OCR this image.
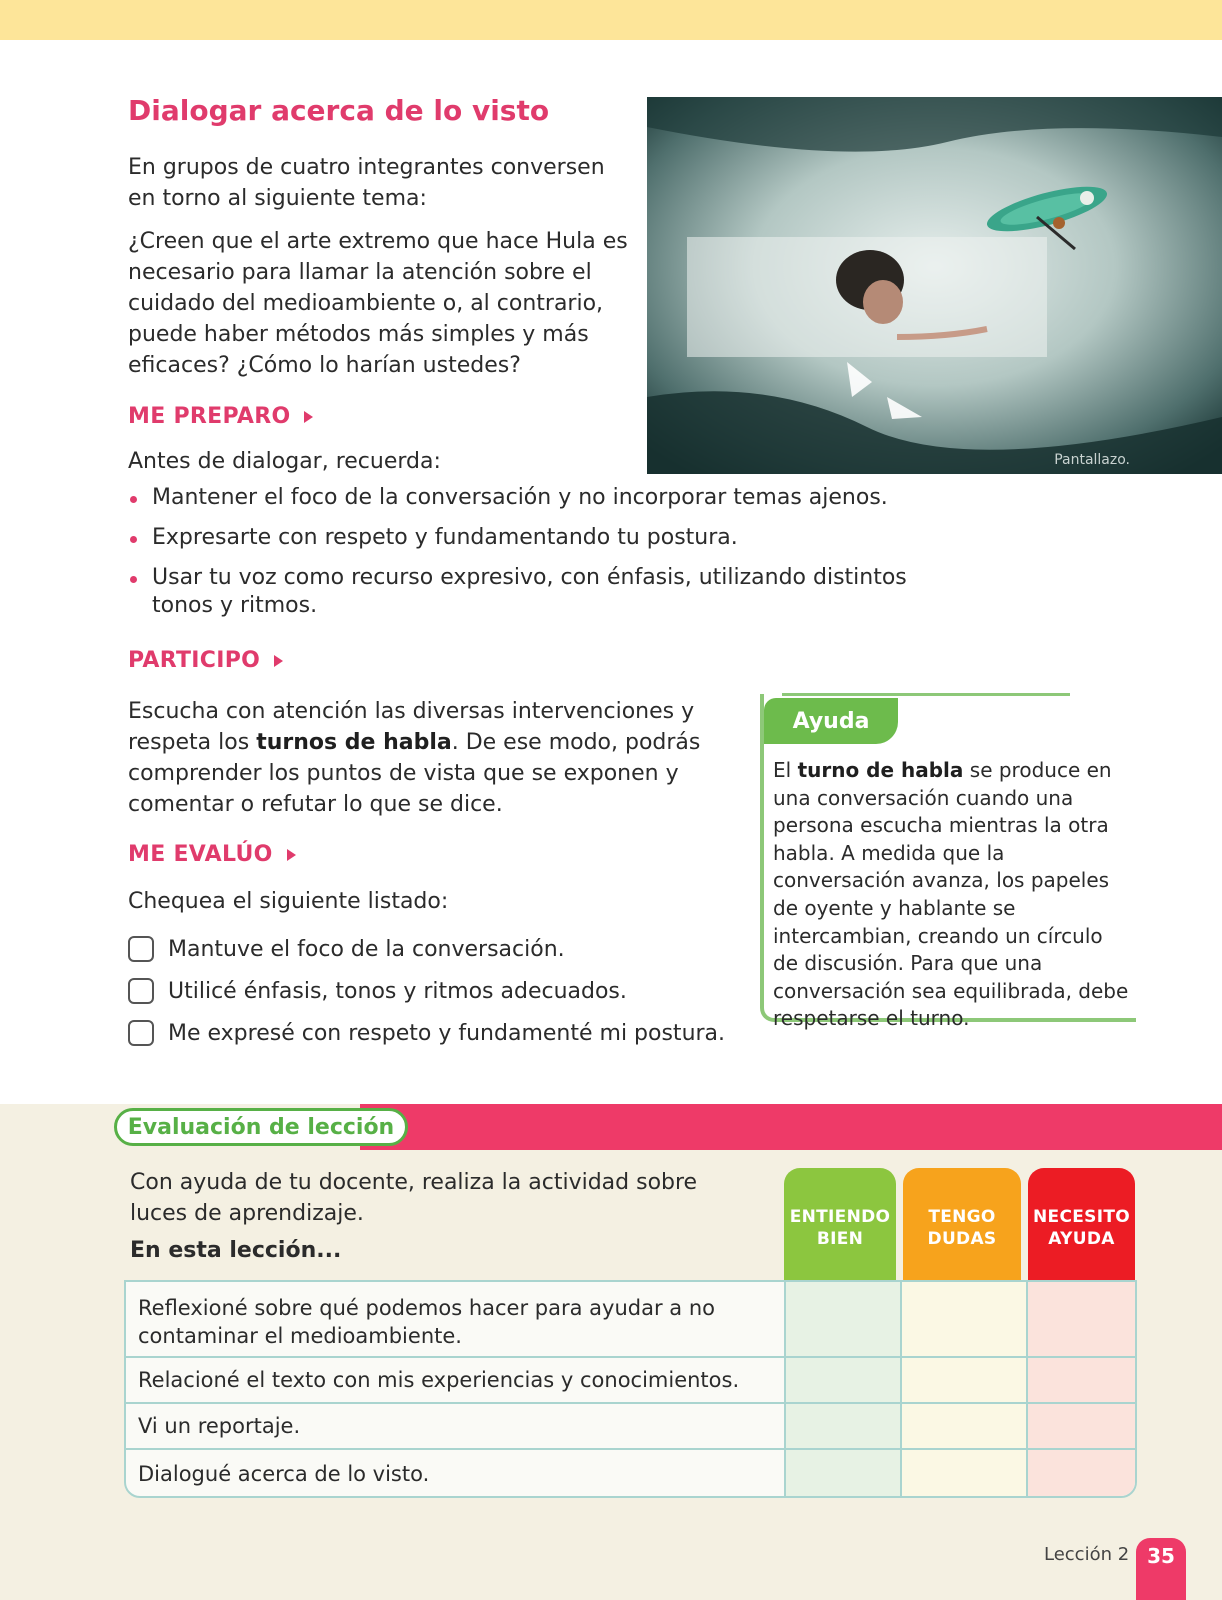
Dialogar acerca de lo visto

En grupos de cuatro integrantes conversen en torno al siguiente tema:

¿Creen que el arte extremo que hace Hula es necesario para llamar la atención sobre el cuidado del medioambiente o, al contrario, puede haber métodos más simples y más eficaces? ¿Cómo lo harían ustedes?

Pantallazo.
ME PREPARO

Antes de dialogar, recuerda:

Mantener el foco de la conversación y no incorporar temas ajenos.
Expresarte con respeto y fundamentando tu postura.
Usar tu voz como recurso expresivo, con énfasis, utilizando distintos tonos y ritmos.
PARTICIPO

Escucha con atención las diversas intervenciones y respeta los turnos de habla. De ese modo, podrás comprender los puntos de vista que se exponen y comentar o refutar lo que se dice.

ME EVALÚO

Chequea el siguiente listado:

Mantuve el foco de la conversación.
Utilicé énfasis, tonos y ritmos adecuados.
Me expresé con respeto y fundamenté mi postura.
Ayuda

El turno de habla se produce en una conversación cuando una persona escucha mientras la otra habla. A medida que la conversación avanza, los papeles de oyente y hablante se intercambian, creando un círculo de discusión. Para que una conversación sea equilibrada, debe respetarse el turno.

Evaluación de lección

Con ayuda de tu docente, realiza la actividad sobre luces de aprendizaje.

En esta lección...

ENTIENDO BIEN
TENGO DUDAS
NECESITO AYUDA
Reflexioné sobre qué podemos hacer para ayudar a no contaminar el medioambiente.
Relacioné el texto con mis experiencias y conocimientos.
Vi un reportaje.
Dialogué acerca de lo visto.
Lección 2 35
